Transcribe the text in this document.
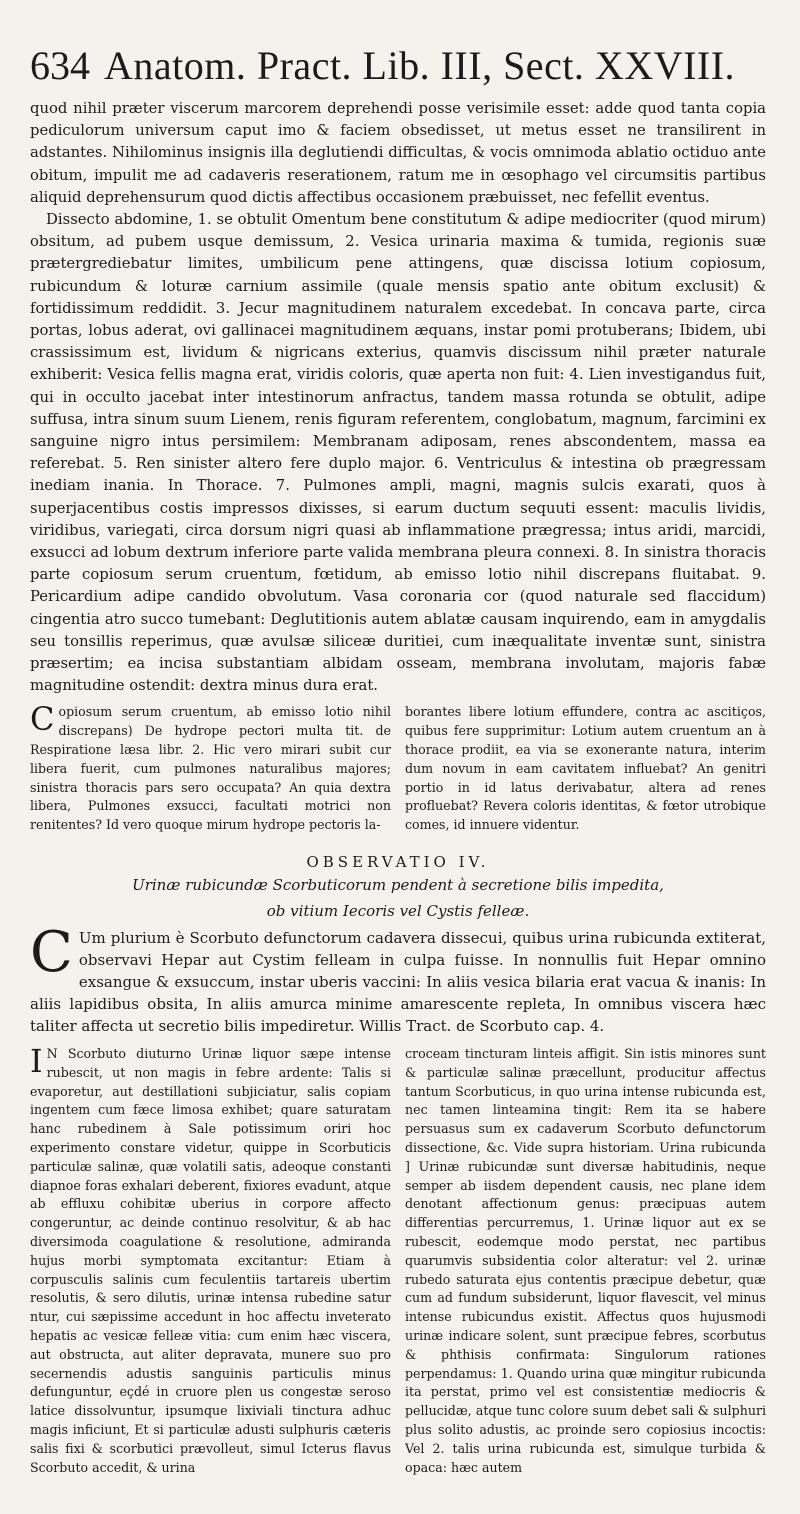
634 Anatom. Pract. Lib. III, Sect. XXVIII.

quod nihil præter viscerum marcorem deprehendi posse verisimile esset: adde quod tanta copia pediculorum universum caput imo & faciem obsedisset, ut metus esset ne transilirent in adstantes. Nihilominus insignis illa deglutiendi difficultas, & vocis omnimoda ablatio octiduo ante obitum, impulit me ad cadaveris reserationem, ratum me in œsophago vel circumsitis partibus aliquid deprehensurum quod dictis affectibus occasionem præbuisset, nec fefellit eventus.

Dissecto abdomine, 1. se obtulit Omentum bene constitutum & adipe mediocriter (quod mirum) obsitum, ad pubem usque demissum, 2. Vesica urinaria maxima & tumida, regionis suæ prætergrediebatur limites, umbilicum pene attingens, quæ discissa lotium copiosum, rubicundum & loturæ carnium assimile (quale mensis spatio ante obitum exclusit) & fortidissimum reddidit. 3. Jecur magnitudinem naturalem excedebat. In concava parte, circa portas, lobus aderat, ovi gallinacei magnitudinem æquans, instar pomi protuberans; Ibidem, ubi crassissimum est, lividum & nigricans exterius, quamvis discissum nihil præter naturale exhiberit: Vesica fellis magna erat, viridis coloris, quæ aperta non fuit: 4. Lien investigandus fuit, qui in occulto jacebat inter intestinorum anfractus, tandem massa rotunda se obtulit, adipe suffusa, intra sinum suum Lienem, renis figuram referentem, conglobatum, magnum, farcimini ex sanguine nigro intus persimilem: Membranam adiposam, renes abscondentem, massa ea referebat. 5. Ren sinister altero fere duplo major. 6. Ventriculus & intestina ob prægressam inediam inania. In Thorace. 7. Pulmones ampli, magni, magnis sulcis exarati, quos à superjacentibus costis impressos dixisses, si earum ductum sequuti essent: maculis lividis, viridibus, variegati, circa dorsum nigri quasi ab inflammatione prægressa; intus aridi, marcidi, exsucci ad lobum dextrum inferiore parte valida membrana pleura connexi. 8. In sinistra thoracis parte copiosum serum cruentum, fœtidum, ab emisso lotio nihil discrepans fluitabat. 9. Pericardium adipe candido obvolutum. Vasa coronaria cor (quod naturale sed flaccidum) cingentia atro succo tumebant: Deglutitionis autem ablatæ causam inquirendo, eam in amygdalis seu tonsillis reperimus, quæ avulsæ siliceæ duritiei, cum inæqualitate inventæ sunt, sinistra præsertim; ea incisa substantiam albidam osseam, membrana involutam, majoris fabæ magnitudine ostendit: dextra minus dura erat.

Copiosum serum cruentum, ab emisso lotio nihil discrepans) De hydrope pectori multa tit. de Respiratione læsa libr. 2. Hic vero mirari subit cur libera fuerit, cum pulmones naturalibus majores; sinistra thoracis pars sero occupata? An quia dextra libera, Pulmones exsucci, facultati motrici non renitentes? Id vero quoque mirum hydrope pectoris la-

borantes libere lotium effundere, contra ac ascitiços, quibus fere supprimitur: Lotium autem cruentum an à thorace prodiit, ea via se exonerante natura, interim dum novum in eam cavitatem influebat? An genitri portio in id latus derivabatur, altera ad renes profluebat? Revera coloris identitas, & fœtor utrobique comes, id innuere videntur.

OBSERVATIO IV.
Urinæ rubicundæ Scorbuticorum pendent à secretione bilis impedita,
ob vitium Iecoris vel Cystis felleæ.
C Um plurium è Scorbuto defunctorum cadavera dissecui, quibus urina rubicunda extiterat, observavi Hepar aut Cystim felleam in culpa fuisse. In nonnullis fuit Hepar omnino exsangue & exsuccum, instar uberis vaccini: In aliis vesica bilaria erat vacua & inanis: In aliis lapidibus obsita, In aliis amurca minime amarescente repleta, In omnibus viscera hæc taliter affecta ut secretio bilis impediretur. Willis Tract. de Scorbuto cap. 4.

I N Scorbuto diuturno Urinæ liquor sæpe intense rubescit, ut non magis in febre ardente: Talis si evaporetur, aut destillationi subjiciatur, salis copiam ingentem cum fæce limosa exhibet; quare saturatam hanc rubedinem à Sale potissimum oriri hoc experimento constare videtur, quippe in Scorbuticis particulæ salinæ, quæ volatili satis, adeoque constanti diapnoe foras exhalari deberent, fixiores evadunt, atque ab effluxu cohibitæ uberius in corpore affecto congeruntur, ac deinde continuo resolvitur, & ab hac diversimoda coagulatione & resolutione, admiranda hujus morbi symptomata excitantur: Etiam à corpusculis salinis cum feculentiis tartareis ubertim resolutis, & sero dilutis, urinæ intensa rubedine satur ntur, cui sæpissime accedunt in hoc affectu inveterato hepatis ac vesicæ felleæ vitia: cum enim hæc viscera, aut obstructa, aut aliter depravata, munere suo pro secernendis adustis sanguinis particulis minus defunguntur, eçdé in cruore plen us congestæ seroso latice dissolvuntur, ipsumque lixiviali tinctura adhuc magis inficiunt, Et si particulæ adusti sulphuris cæteris salis fixi & scorbutici prævolleut, simul Icterus flavus Scorbuto accedit, & urina

croceam tincturam linteis affigit. Sin istis minores sunt & particulæ salinæ præcellunt, producitur affectus tantum Scorbuticus, in quo urina intense rubicunda est, nec tamen linteamina tingit: Rem ita se habere persuasus sum ex cadaverum Scorbuto defunctorum dissectione, &c. Vide supra historiam. Urina rubicunda ] Urinæ rubicundæ sunt diversæ habitudinis, neque semper ab iisdem dependent causis, nec plane idem denotant affectionum genus: præcipuas autem differentias percurremus, 1. Urinæ liquor aut ex se rubescit, eodemque modo perstat, nec partibus quarumvis subsidentia color alteratur: vel 2. urinæ rubedo saturata ejus contentis præcipue debetur, quæ cum ad fundum subsiderunt, liquor flavescit, vel minus intense rubicundus existit. Affectus quos hujusmodi urinæ indicare solent, sunt præcipue febres, scorbutus & phthisis confirmata: Singulorum rationes perpendamus: 1. Quando urina quæ mingitur rubicunda ita perstat, primo vel est consistentiæ mediocris & pellucidæ, atque tunc colore suum debet sali & sulphuri plus solito adustis, ac proinde sero copiosius incoctis: Vel 2. talis urina rubicunda est, simulque turbida & opaca: hæc autem
